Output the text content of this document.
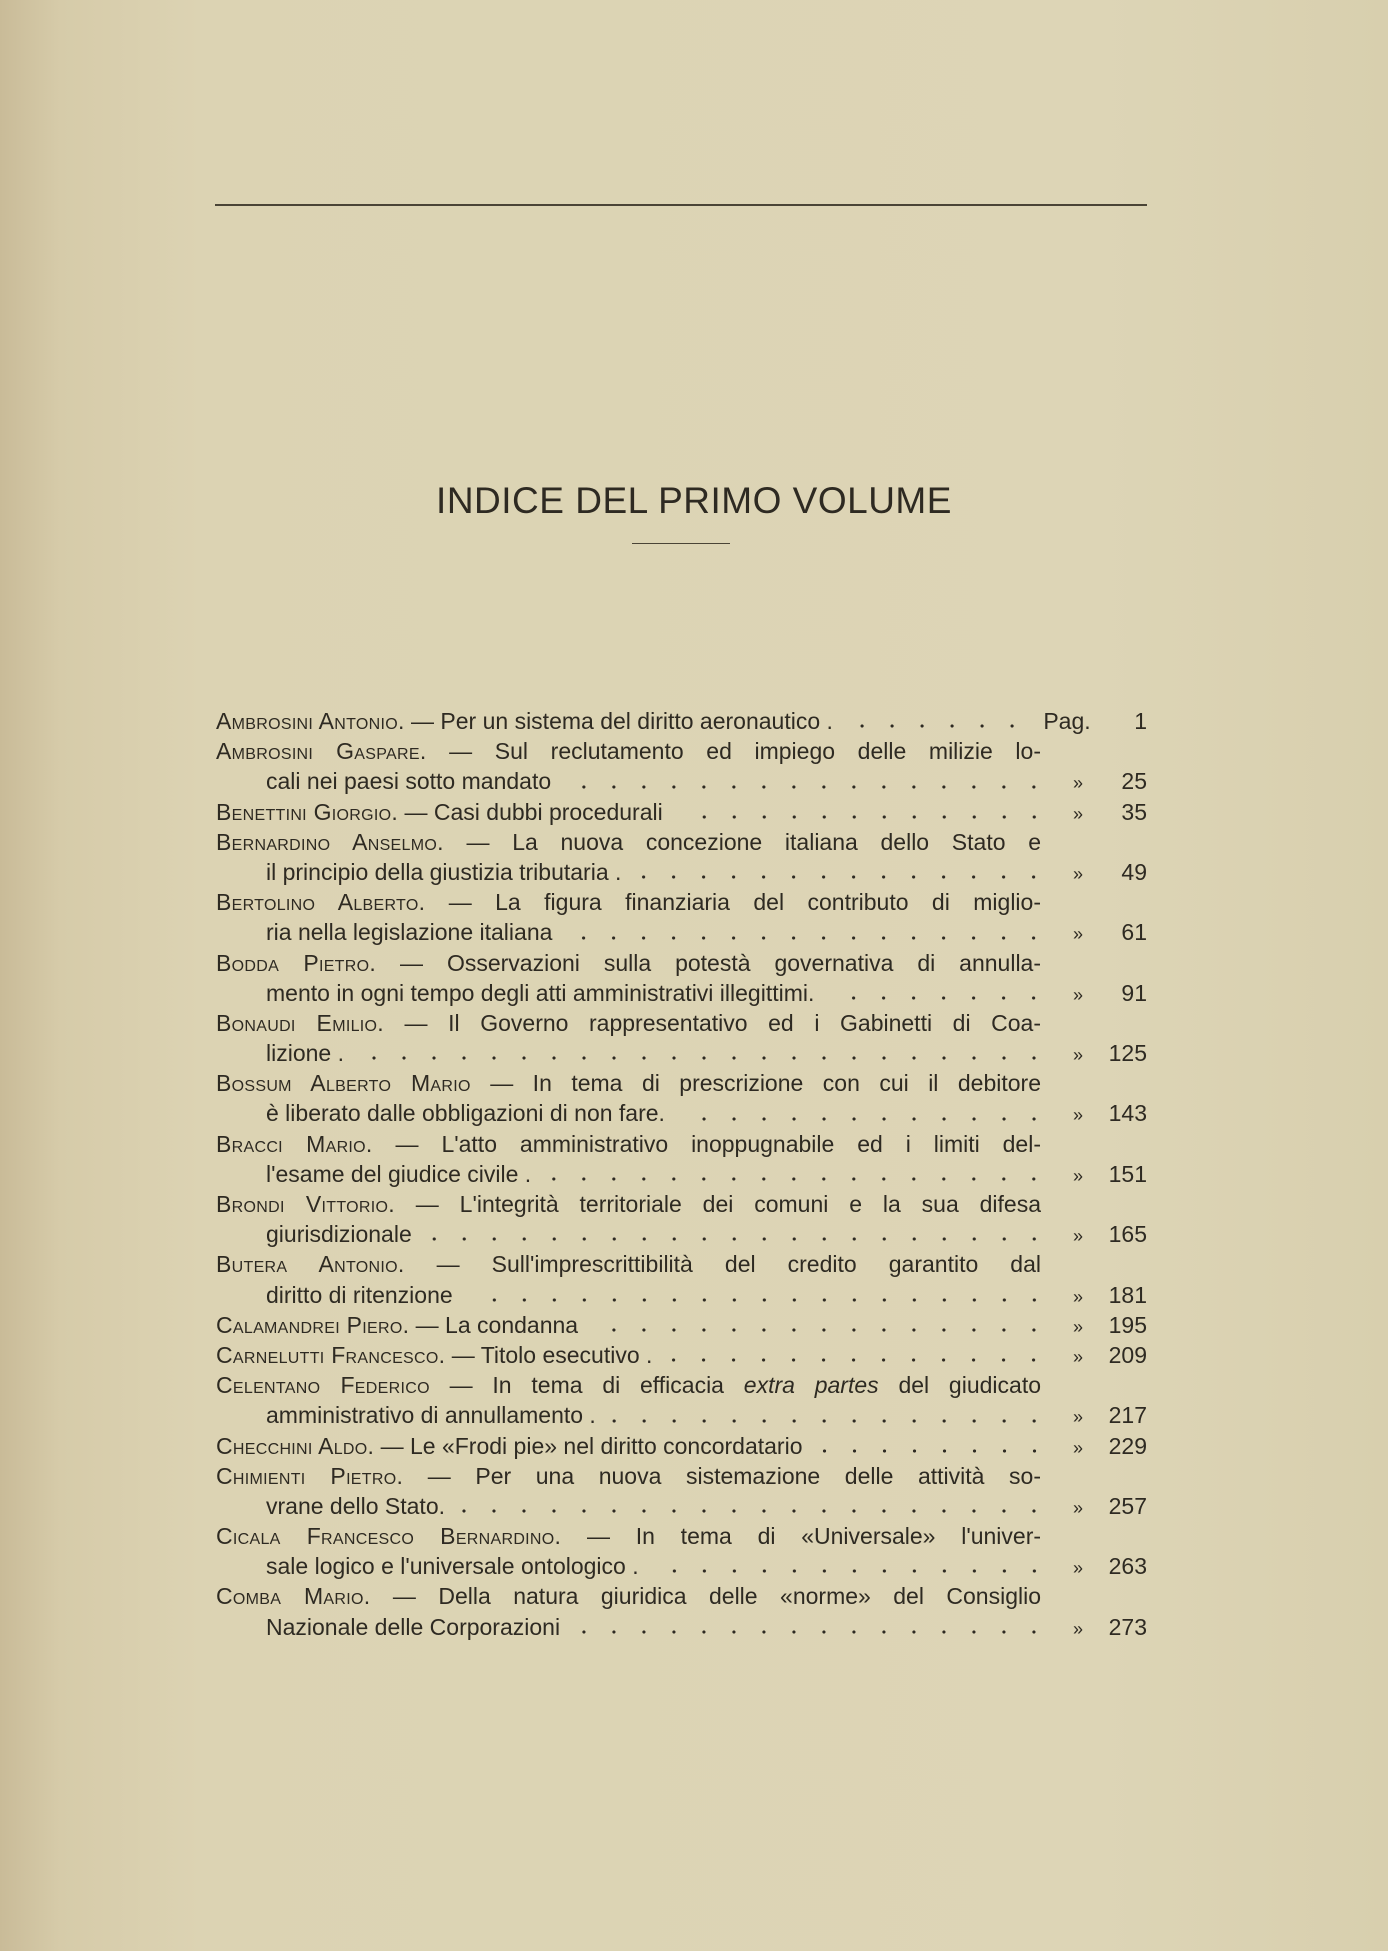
INDICE DEL PRIMO VOLUME
Ambrosini Antonio. — Per un sistema del diritto aeronautico .	Pag.	1
Ambrosini Gaspare. — Sul reclutamento ed impiego delle milizie lo-
cali nei paesi sotto mandato	»	25
Benettini Giorgio. — Casi dubbi procedurali	»	35
Bernardino Anselmo. — La nuova concezione italiana dello Stato e
il principio della giustizia tributaria .	»	49
Bertolino Alberto. — La figura finanziaria del contributo di miglio-
ria nella legislazione italiana	»	61
Bodda Pietro. — Osservazioni sulla potestà governativa di annulla-
mento in ogni tempo degli atti amministrativi illegittimi.	»	91
Bonaudi Emilio. — Il Governo rappresentativo ed i Gabinetti di Coa-
lizione .	»	125
Bossum Alberto Mario — In tema di prescrizione con cui il debitore
è liberato dalle obbligazioni di non fare.	»	143
Bracci Mario. — L'atto amministrativo inoppugnabile ed i limiti del-
l'esame del giudice civile .	»	151
Brondi Vittorio. — L'integrità territoriale dei comuni e la sua difesa
giurisdizionale	»	165
Butera Antonio. — Sull'imprescrittibilità del credito garantito dal
diritto di ritenzione	»	181
Calamandrei Piero. — La condanna	»	195
Carnelutti Francesco. — Titolo esecutivo .	»	209
Celentano Federico — In tema di efficacia extra partes del giudicato
amministrativo di annullamento .	»	217
Checchini Aldo. — Le «Frodi pie» nel diritto concordatario	»	229
Chimienti Pietro. — Per una nuova sistemazione delle attività so-
vrane dello Stato.	»	257
Cicala Francesco Bernardino. — In tema di «Universale» l'univer-
sale logico e l'universale ontologico .	»	263
Comba Mario. — Della natura giuridica delle «norme» del Consiglio
Nazionale delle Corporazioni	»	273
